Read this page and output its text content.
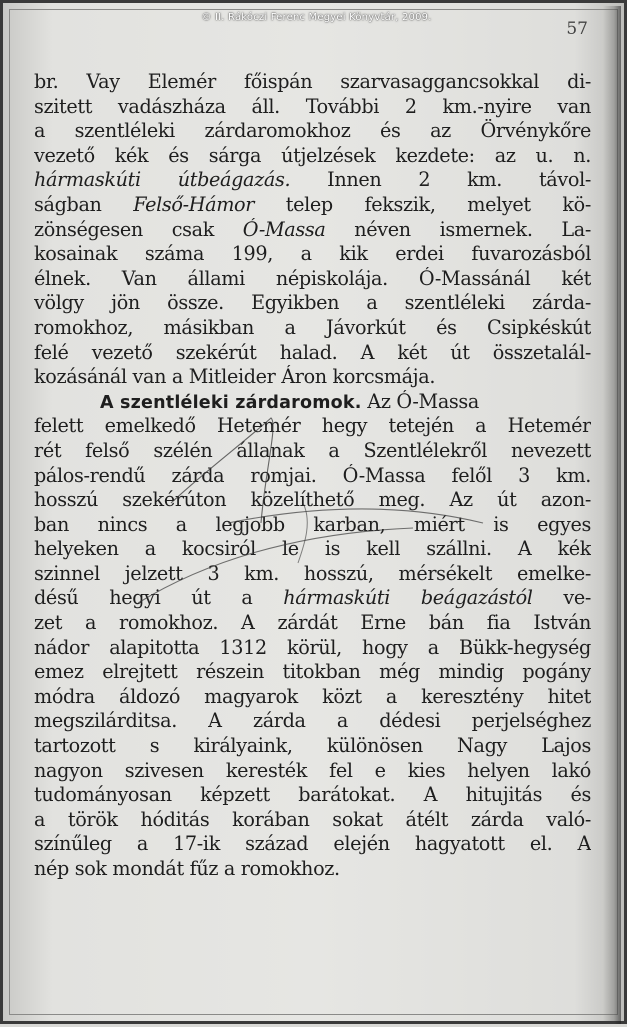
© II. Rákóczi Ferenc Megyei Könyvtár, 2009.
57
br. Vay Elemér főispán szarvasaggancsokkal di-
szitett vadászháza áll. További 2 km.-nyire van
a szentléleki zárdaromokhoz és az Örvénykőre
vezető kék és sárga útjelzések kezdete: az u. n.
hármaskúti útbeágazás. Innen 2 km. távol-
ságban Felső-Hámor telep fekszik, melyet kö-
zönségesen csak Ó-Massa néven ismernek. La-
kosainak száma 199, a kik erdei fuvarozásból
élnek. Van állami népiskolája. Ó-Massánál két
völgy jön össze. Egyikben a szentléleki zárda-
romokhoz, másikban a Jávorkút és Csipkéskút
felé vezető szekérút halad. A két út összetalál-
kozásánál van a Mitleider Áron korcsmája.
A szentléleki zárdaromok. Az Ó-Massa
felett emelkedő Hetemér hegy tetején a Hetemér
rét felső szélén állanak a Szentlélekről nevezett
pálos-rendű zárda romjai. Ó-Massa felől 3 km.
hosszú szekérúton közelíthető meg. Az út azon-
ban nincs a legjobb karban, miért is egyes
helyeken a kocsiról le is kell szállni. A kék
szinnel jelzett 3 km. hosszú, mérsékelt emelke-
désű hegyi út a hármaskúti beágazástól ve-
zet a romokhoz. A zárdát Erne bán fia István
nádor alapitotta 1312 körül, hogy a Bükk-hegység
emez elrejtett részein titokban még mindig pogány
módra áldozó magyarok közt a keresztény hitet
megszilárditsa. A zárda a dédesi perjelséghez
tartozott s királyaink, különösen Nagy Lajos
nagyon szivesen keresték fel e kies helyen lakó
tudományosan képzett barátokat. A hitujitás és
a török hóditás korában sokat átélt zárda való-
színűleg a 17-ik század elején hagyatott el. A
nép sok mondát fűz a romokhoz.
